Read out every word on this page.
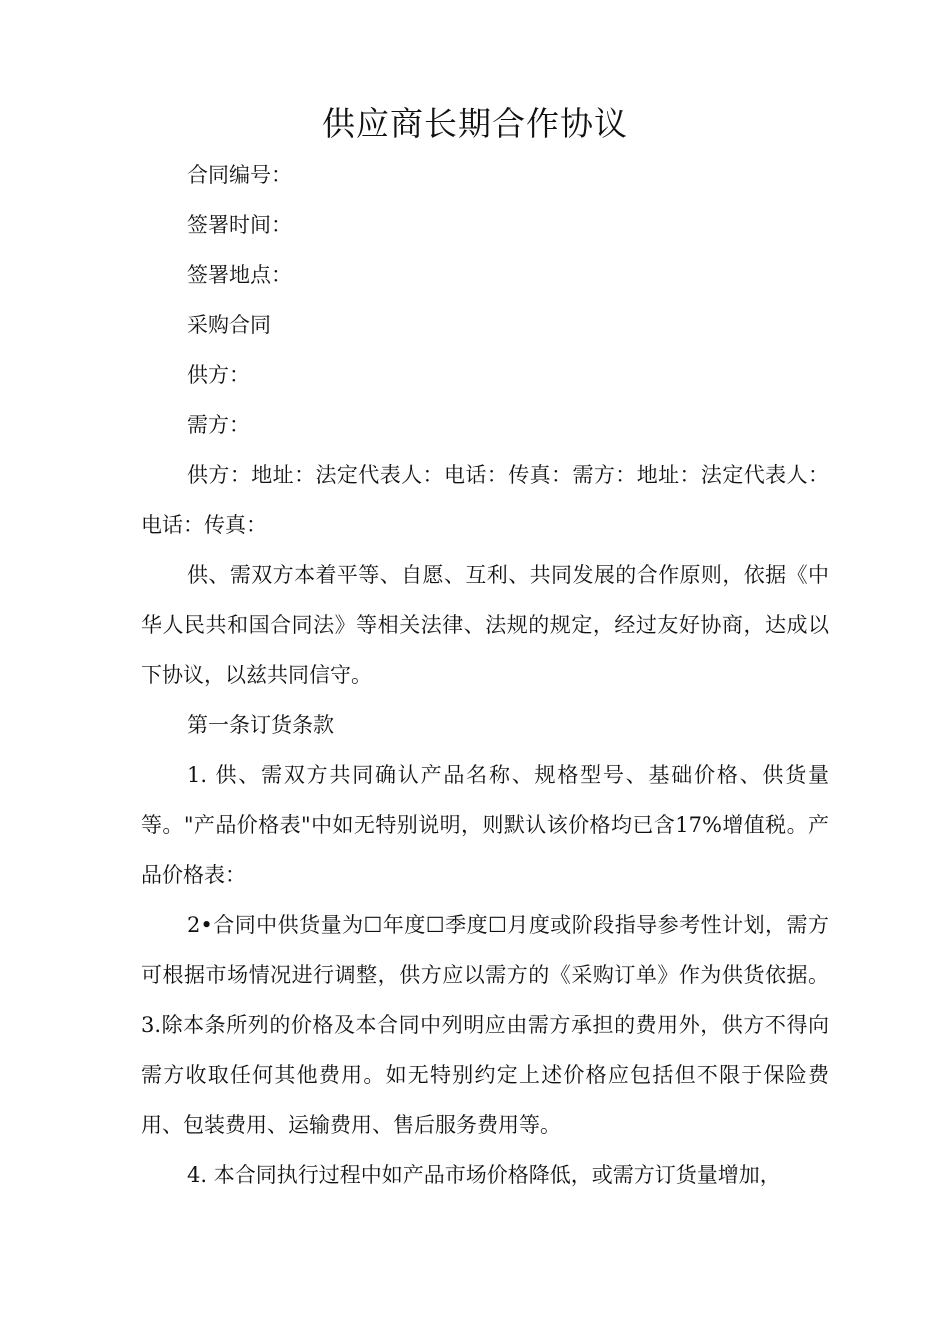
供应商长期合作协议

合同编号：

签署时间：

签署地点：

采购合同

供方：

需方：

供方：地址：法定代表人：电话：传真：需方：地址：法定代表人：电话：传真：

供、需双方本着平等、自愿、互利、共同发展的合作原则，依据《中华人民共和国合同法》等相关法律、法规的规定，经过友好协商，达成以下协议，以兹共同信守。

第一条订货条款

1. 供、需双方共同确认产品名称、规格型号、基础价格、供货量等。"产品价格表"中如无特别说明，则默认该价格均已含17%增值税。产品价格表：

2•合同中供货量为☐年度☐季度☐月度或阶段指导参考性计划，需方可根据市场情况进行调整，供方应以需方的《采购订单》作为供货依据。3.除本条所列的价格及本合同中列明应由需方承担的费用外，供方不得向需方收取任何其他费用。如无特别约定上述价格应包括但不限于保险费用、包装费用、运输费用、售后服务费用等。

4. 本合同执行过程中如产品市场价格降低，或需方订货量增加，
